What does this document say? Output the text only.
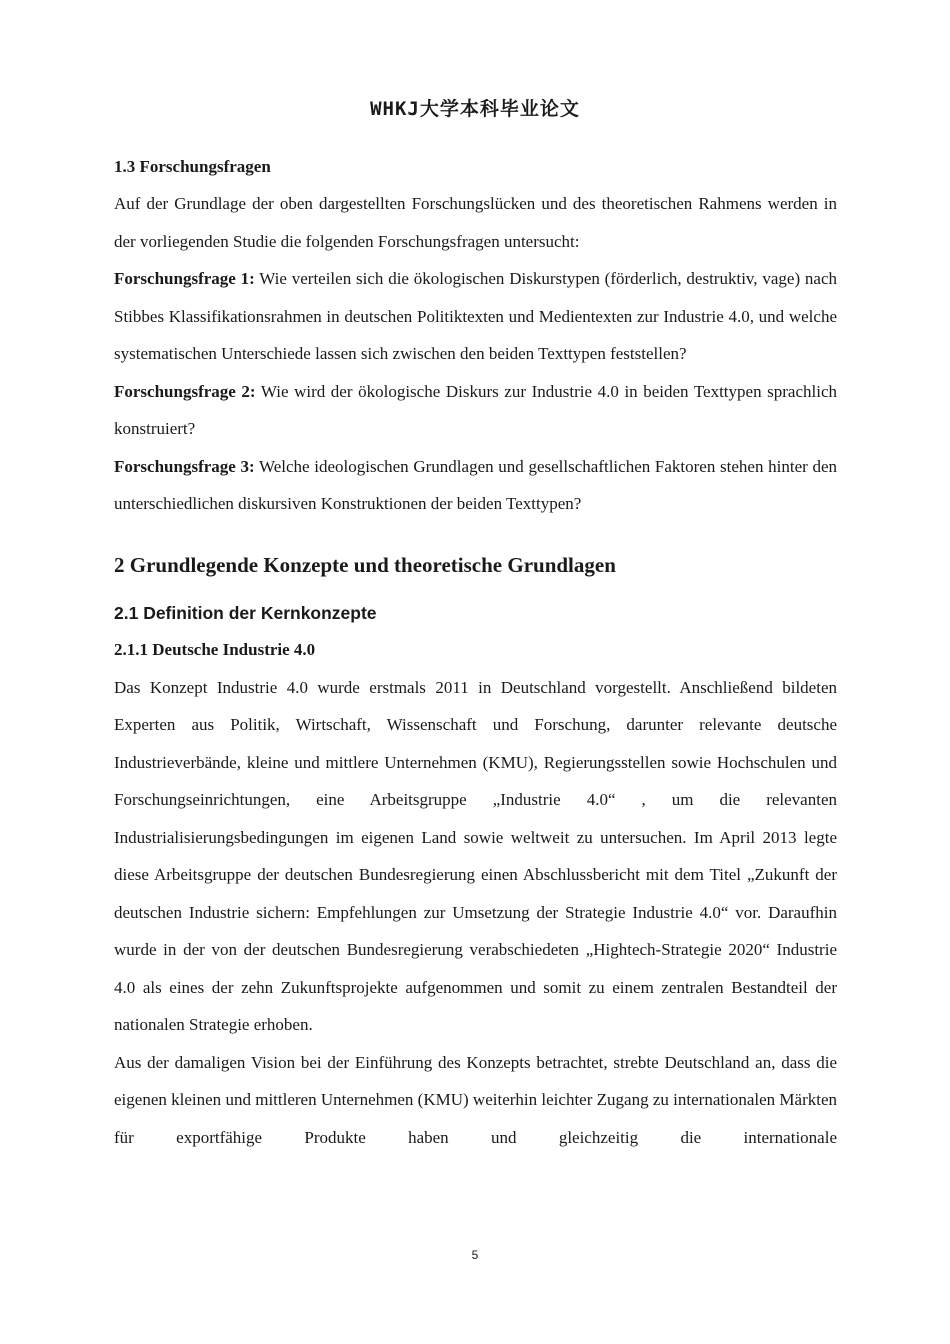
WHKJ大学本科毕业论文
1.3 Forschungsfragen

Auf der Grundlage der oben dargestellten Forschungslücken und des theoretischen Rahmens werden in der vorliegenden Studie die folgenden Forschungsfragen untersucht:

Forschungsfrage 1: Wie verteilen sich die ökologischen Diskurstypen (förderlich, destruktiv, vage) nach Stibbes Klassifikationsrahmen in deutschen Politiktexten und Medientexten zur Industrie 4.0, und welche systematischen Unterschiede lassen sich zwischen den beiden Texttypen feststellen?

Forschungsfrage 2: Wie wird der ökologische Diskurs zur Industrie 4.0 in beiden Texttypen sprachlich konstruiert?

Forschungsfrage 3: Welche ideologischen Grundlagen und gesellschaftlichen Faktoren stehen hinter den unterschiedlichen diskursiven Konstruktionen der beiden Texttypen?

2 Grundlegende Konzepte und theoretische Grundlagen
2.1 Definition der Kernkonzepte
2.1.1 Deutsche Industrie 4.0

Das Konzept Industrie 4.0 wurde erstmals 2011 in Deutschland vorgestellt. Anschließend bildeten Experten aus Politik, Wirtschaft, Wissenschaft und Forschung, darunter relevante deutsche Industrieverbände, kleine und mittlere Unternehmen (KMU), Regierungsstellen sowie Hochschulen und Forschungseinrichtungen, eine Arbeitsgruppe „Industrie 4.0“ , um die relevanten Industrialisierungsbedingungen im eigenen Land sowie weltweit zu untersuchen. Im April 2013 legte diese Arbeitsgruppe der deutschen Bundesregierung einen Abschlussbericht mit dem Titel „Zukunft der deutschen Industrie sichern: Empfehlungen zur Umsetzung der Strategie Industrie 4.0“ vor. Daraufhin wurde in der von der deutschen Bundesregierung verabschiedeten „Hightech-Strategie 2020“ Industrie 4.0 als eines der zehn Zukunftsprojekte aufgenommen und somit zu einem zentralen Bestandteil der nationalen Strategie erhoben.

Aus der damaligen Vision bei der Einführung des Konzepts betrachtet, strebte Deutschland an, dass die eigenen kleinen und mittleren Unternehmen (KMU) weiterhin leichter Zugang zu internationalen Märkten für exportfähige Produkte haben und gleichzeitig die internationale

5
